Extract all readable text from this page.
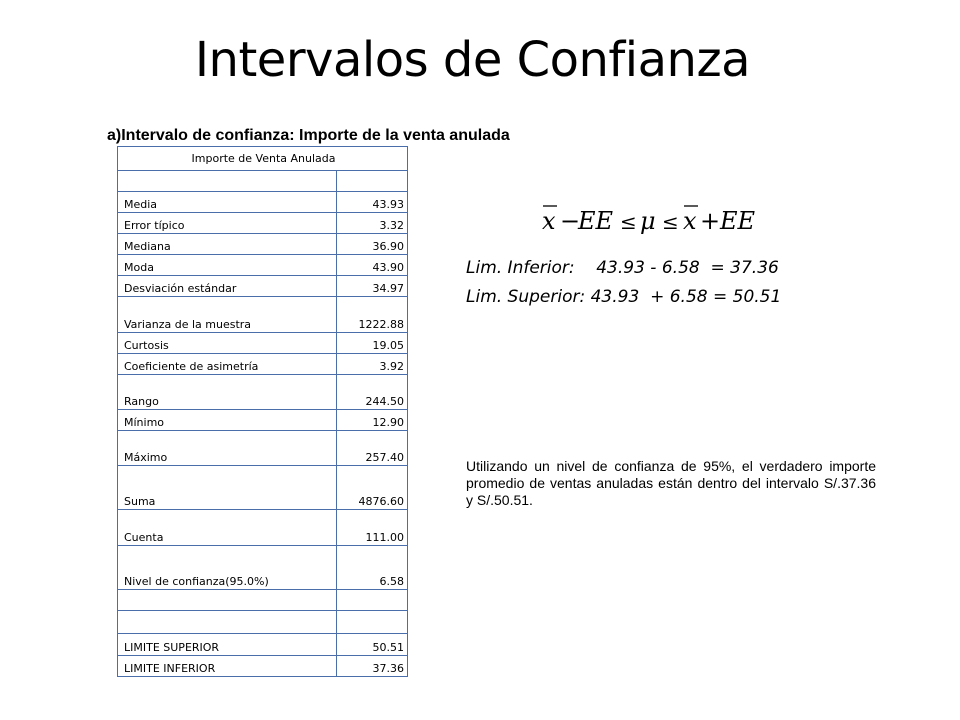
Intervalos de Confianza
a)Intervalo de confianza: Importe de la venta anulada
Importe de Venta Anulada	

Media	43.93
Error típico	3.32
Mediana	36.90
Moda	43.90
Desviación estándar	34.97
Varianza de la muestra	1222.88
Curtosis	19.05
Coeficiente de asimetría	3.92
Rango	244.50
Mínimo	12.90
Máximo	257.40
Suma	4876.60
Cuenta	111.00
Nivel de confianza(95.0%)	6.58

LIMITE SUPERIOR	50.51
LIMITE INFERIOR	37.36
x −
EE ≤ μ ≤ x + EE
Lim. Inferior:    43.93 - 6.58  = 37.36
Lim. Superior: 43.93  + 6.58 = 50.51
Utilizando un nivel de confianza de 95%, el verdadero importe promedio de ventas anuladas están dentro del intervalo S/.37.36 y S/.50.51.
